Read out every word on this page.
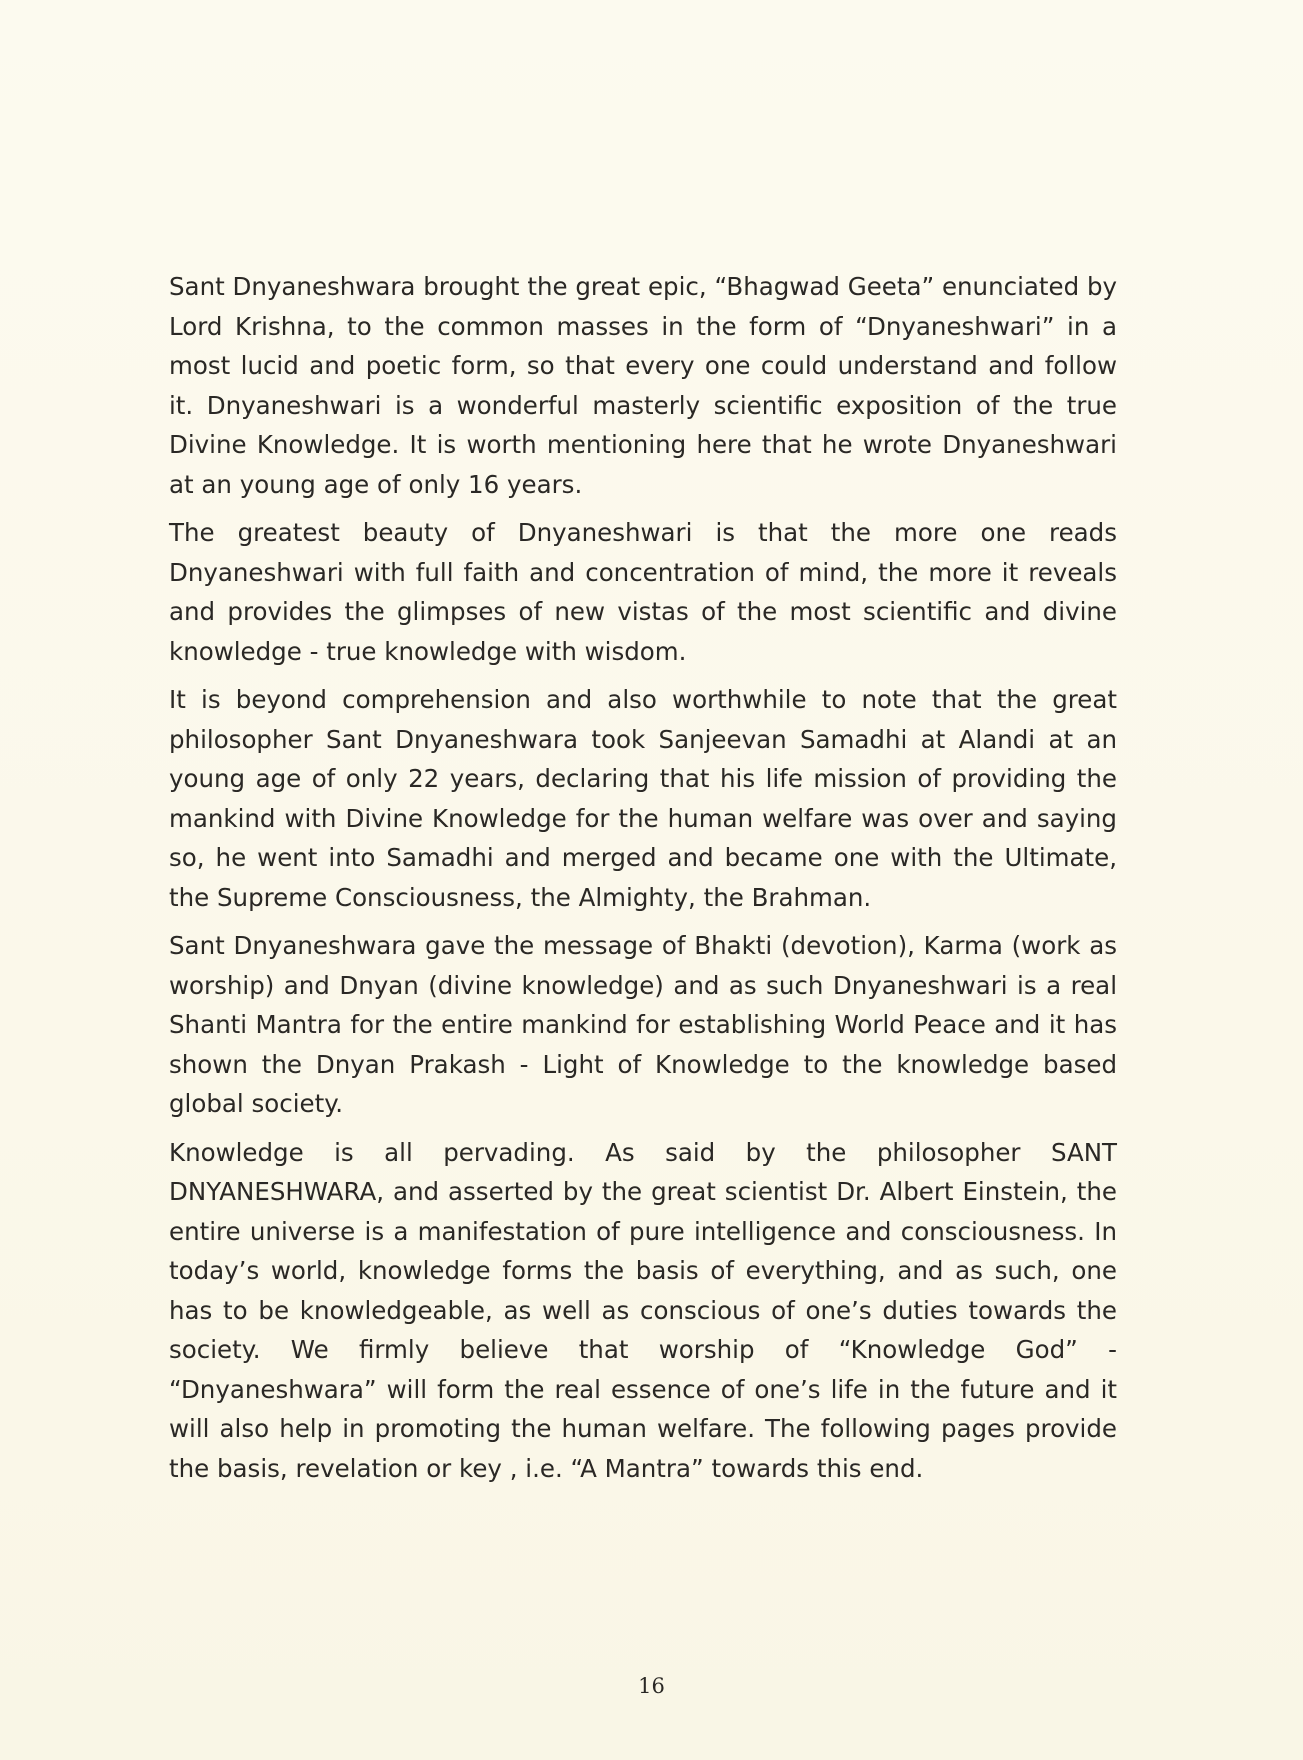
Sant Dnyaneshwara brought the great epic, “Bhagwad Geeta” enunciated by Lord Krishna, to the common masses in the form of “Dnyaneshwari” in a most lucid and poetic form, so that every one could understand and follow it. Dnyaneshwari is a wonderful masterly scientific exposition of the true Divine Knowledge. It is worth mentioning here that he wrote Dnyaneshwari at an young age of only 16 years.

The greatest beauty of Dnyaneshwari is that the more one reads Dnyaneshwari with full faith and concentration of mind, the more it reveals and provides the glimpses of new vistas of the most scientific and divine knowledge - true knowledge with wisdom.

It is beyond comprehension and also worthwhile to note that the great philosopher Sant Dnyaneshwara took Sanjeevan Samadhi at Alandi at an young age of only 22 years, declaring that his life mission of providing the mankind with Divine Knowledge for the human welfare was over and saying so, he went into Samadhi and merged and became one with the Ultimate, the Supreme Consciousness, the Almighty, the Brahman.

Sant Dnyaneshwara gave the message of Bhakti (devotion), Karma (work as worship) and Dnyan (divine knowledge) and as such Dnyaneshwari is a real Shanti Mantra for the entire mankind for establishing World Peace and it has shown the Dnyan Prakash - Light of Knowledge to the knowledge based global society.

Knowledge is all pervading. As said by the philosopher SANT DNYANESHWARA, and asserted by the great scientist Dr. Albert Einstein, the entire universe is a manifestation of pure intelligence and consciousness. In today’s world, knowledge forms the basis of everything, and as such, one has to be knowledgeable, as well as conscious of one’s duties towards the society. We firmly believe that worship of “Knowledge God” - “Dnyaneshwara” will form the real essence of one’s life in the future and it will also help in promoting the human welfare. The following pages provide the basis, revelation or key , i.e. “A Mantra” towards this end.

16
